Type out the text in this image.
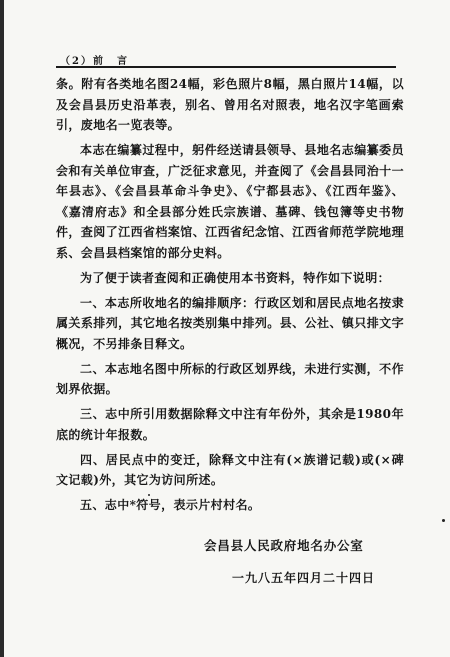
（2）前　言

条。附有各类地名图24幅，彩色照片8幅，黑白照片14幅，以及会昌县历史沿革表，别名、曾用名对照表，地名汉字笔画索引，废地名一览表等。

本志在编纂过程中，躬件经送请县领导、县地名志编纂委员会和有关单位审查，广泛征求意见，并查阅了《会昌县同治十一年县志》、《会昌县革命斗争史》、《宁都县志》、《江西年鉴》、《嘉清府志》和全县部分姓氏宗族谱、墓碑、钱包簿等史书物件，查阅了江西省档案馆、江西省纪念馆、江西省师范学院地理系、会昌县档案馆的部分史料。

为了便于读者查阅和正确使用本书资料，特作如下说明：

一、本志所收地名的编排顺序：行政区划和居民点地名按隶属关系排列，其它地名按类别集中排列。县、公社、镇只排文字概况，不另排条目释文。

二、本志地名图中所标的行政区划界线，未进行实测，不作划界依据。

三、志中所引用数据除释文中注有年份外，其余是1980年底的统计年报数。

四、居民点中的变迁，除释文中注有(×族谱记载)或(×碑文记载)外，其它为访问所述。

五、志中*符号，表示片村村名。

会昌县人民政府地名办公室
一九八五年四月二十四日
